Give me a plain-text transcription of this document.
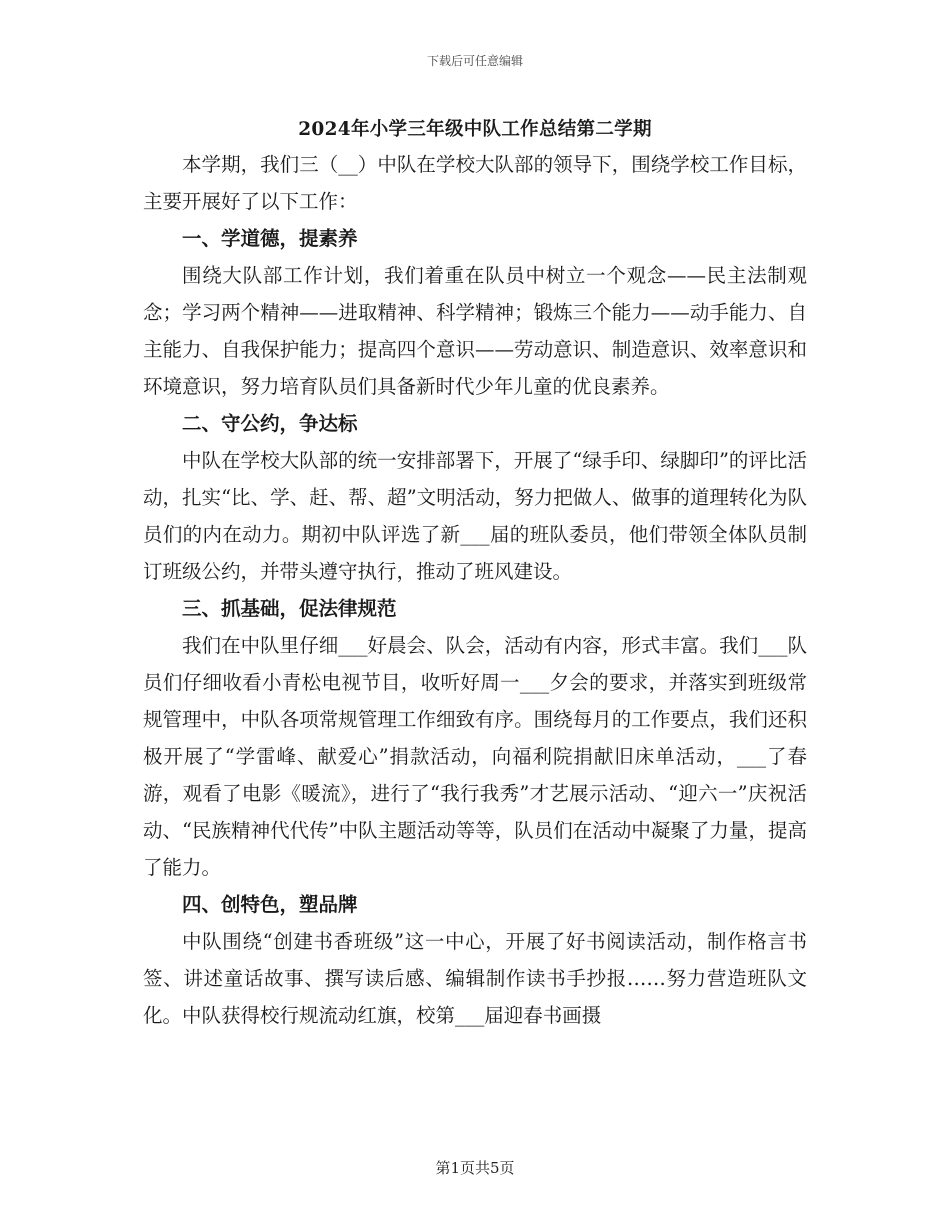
下载后可任意编辑
2024年小学三年级中队工作总结第二学期

本学期，我们三（__）中队在学校大队部的领导下，围绕学校工作目标，主要开展好了以下工作：

一、学道德，提素养

围绕大队部工作计划，我们着重在队员中树立一个观念——民主法制观念；学习两个精神——进取精神、科学精神；锻炼三个能力——动手能力、自主能力、自我保护能力；提高四个意识——劳动意识、制造意识、效率意识和环境意识，努力培育队员们具备新时代少年儿童的优良素养。

二、守公约，争达标

中队在学校大队部的统一安排部署下，开展了“绿手印、绿脚印”的评比活动，扎实“比、学、赶、帮、超”文明活动，努力把做人、做事的道理转化为队员们的内在动力。期初中队评选了新___届的班队委员，他们带领全体队员制订班级公约，并带头遵守执行，推动了班风建设。

三、抓基础，促法律规范

我们在中队里仔细___好晨会、队会，活动有内容，形式丰富。我们___队员们仔细收看小青松电视节目，收听好周一___夕会的要求，并落实到班级常规管理中，中队各项常规管理工作细致有序。围绕每月的工作要点，我们还积极开展了“学雷峰、献爱心”捐款活动，向福利院捐献旧床单活动，___了春游，观看了电影《暖流》，进行了“我行我秀”才艺展示活动、“迎六一”庆祝活动、“民族精神代代传”中队主题活动等等，队员们在活动中凝聚了力量，提高了能力。

四、创特色，塑品牌

中队围绕“创建书香班级”这一中心，开展了好书阅读活动，制作格言书签、讲述童话故事、撰写读后感、编辑制作读书手抄报……努力营造班队文化。中队获得校行规流动红旗，校第___届迎春书画摄

第1页共5页
